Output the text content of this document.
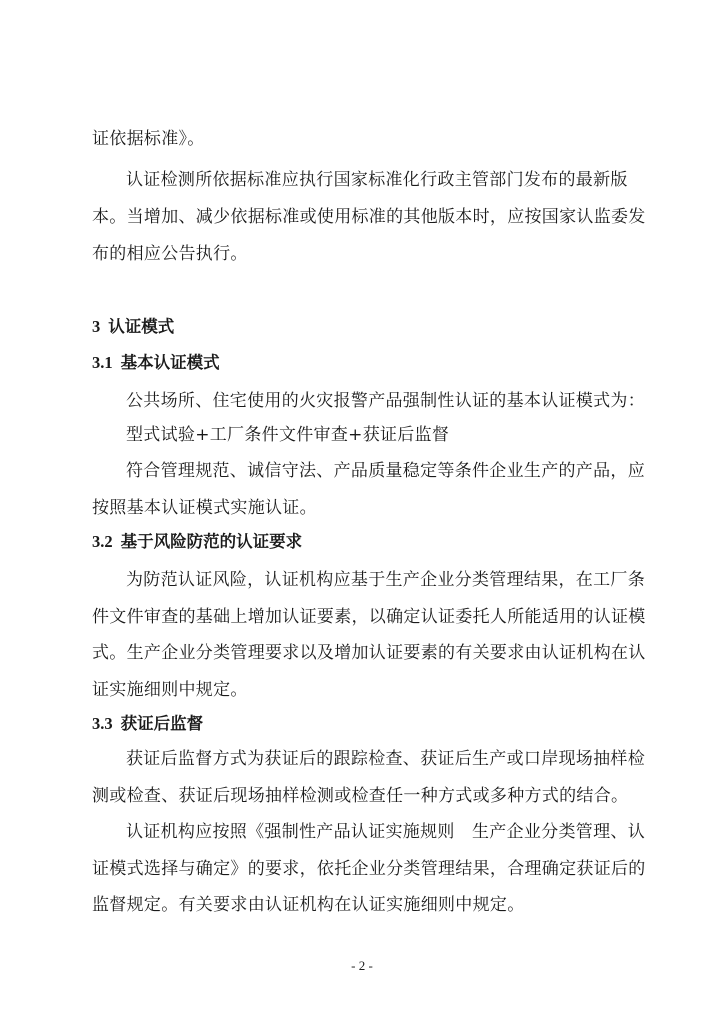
证依据标准》。
认证检测所依据标准应执行国家标准化行政主管部门发布的最新版
本。当增加、减少依据标准或使用标准的其他版本时，应按国家认监委发
布的相应公告执行。
3 认证模式
3.1 基本认证模式
公共场所、住宅使用的火灾报警产品强制性认证的基本认证模式为：
型式试验+工厂条件文件审查+获证后监督
符合管理规范、诚信守法、产品质量稳定等条件企业生产的产品，应
按照基本认证模式实施认证。
3.2 基于风险防范的认证要求
为防范认证风险，认证机构应基于生产企业分类管理结果，在工厂条
件文件审查的基础上增加认证要素，以确定认证委托人所能适用的认证模
式。生产企业分类管理要求以及增加认证要素的有关要求由认证机构在认
证实施细则中规定。
3.3 获证后监督
获证后监督方式为获证后的跟踪检查、获证后生产或口岸现场抽样检
测或检查、获证后现场抽样检测或检查任一种方式或多种方式的结合。
认证机构应按照《强制性产品认证实施规则　生产企业分类管理、认
证模式选择与确定》的要求，依托企业分类管理结果，合理确定获证后的
监督规定。有关要求由认证机构在认证实施细则中规定。
- 2 -
